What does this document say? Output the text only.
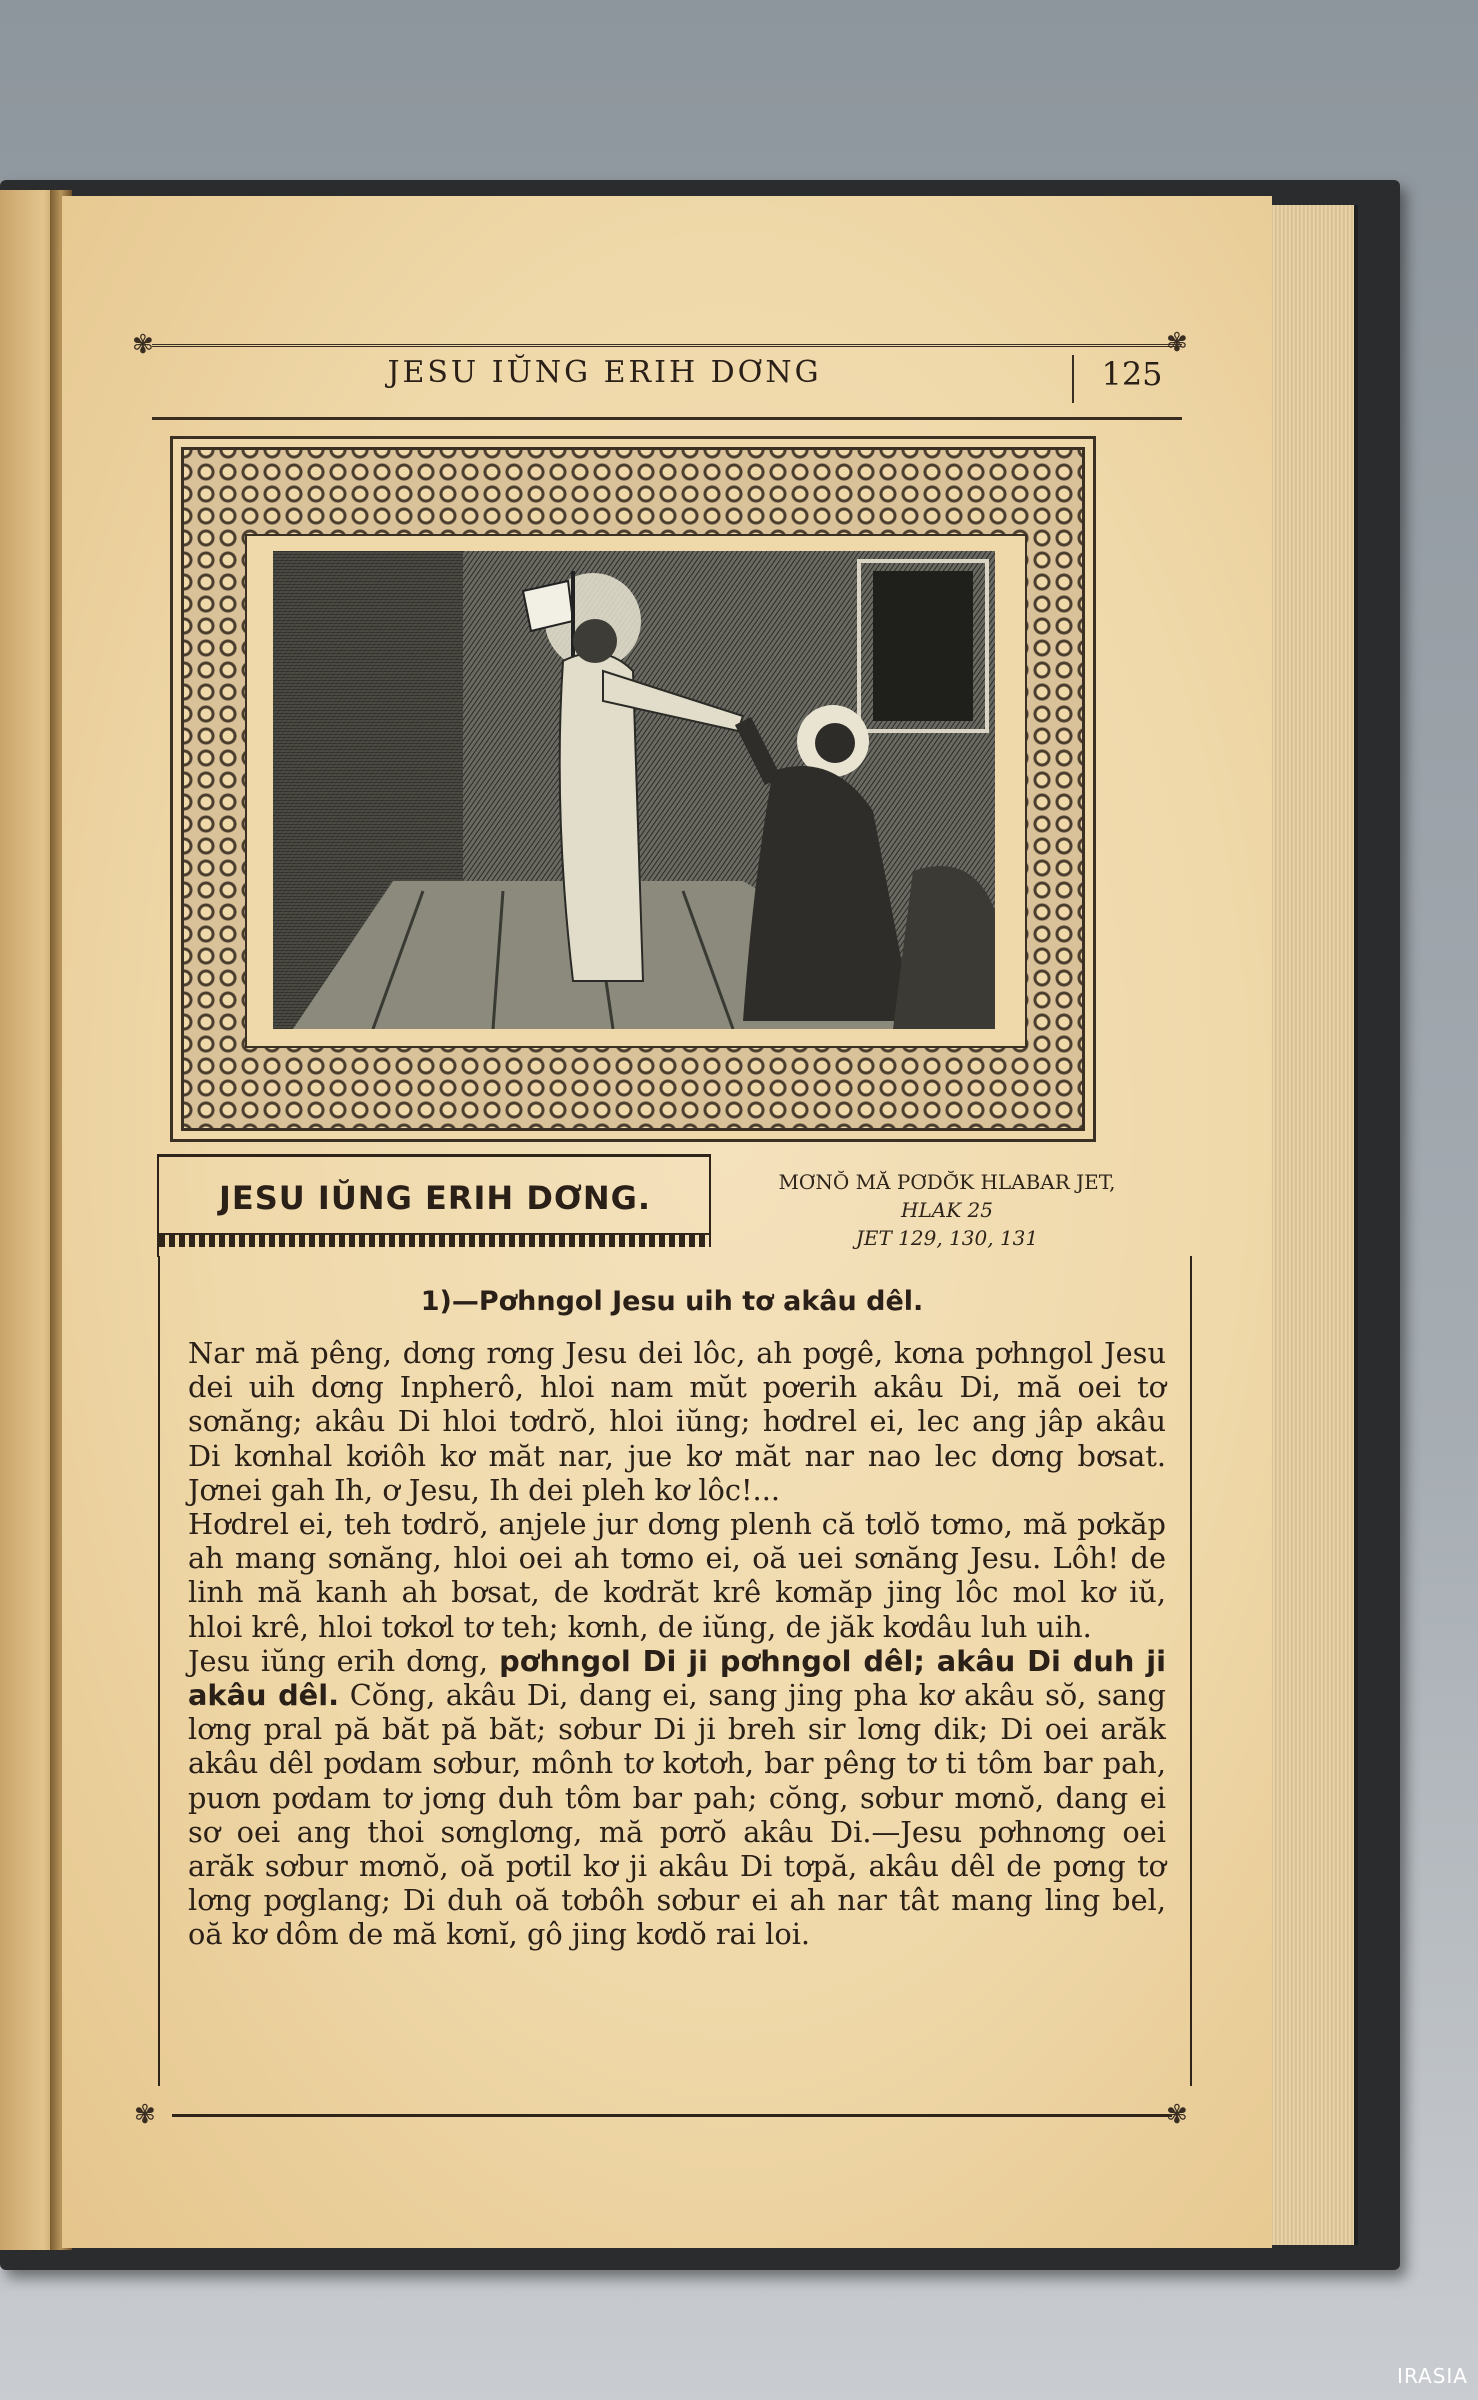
JESU IŬNG ERIH DƠNG	125
✾	✾
JESU IŬNG ERIH DƠNG.	MƠNŎ MĂ PƠDŎ̆K HLABAR JET,
HLAK 25
JET 129, 130, 131
1)—Pơhngol Jesu uih tơ akâu dêl.

Nar mă pêng, dơng rơng Jesu dei lôc, ah pơgê, kơna pơhngol Jesu dei uih dơng Inpherô, hloi nam mŭt pơerih akâu Di, mă oei tơ sơnăng; akâu Di hloi tơdrŏ, hloi iŭng; hơdrel ei, lec ang jâp akâu Di kơnhal kơiôh kơ măt nar, jue kơ măt nar nao lec dơng bơsat. Jơnei gah Ih, ơ Jesu, Ih dei pleh kơ lôc!...

Hơdrel ei, teh tơdrŏ, anjele jur dơng plenh că tơlŏ tơmo, mă pơkăp ah mang sơnăng, hloi oei ah tơmo ei, oă uei sơnăng Jesu. Lôh! de linh mă kanh ah bơsat, de kơdrăt krê kơmăp jing lôc mol kơ iŭ, hloi krê, hloi tơkơl tơ teh; kơnh, de iŭng, de jăk kơdâu luh uih.

Jesu iŭng erih dơng, pơhngol Di ji pơhngol dêl; akâu Di duh ji akâu dêl. Cŏng, akâu Di, dang ei, sang jing pha kơ akâu sŏ, sang lơng pral pă băt pă băt; sơbur Di ji breh sir lơng dik; Di oei arăk akâu dêl pơdam sơbur, mônh tơ kơtơh, bar pêng tơ ti tôm bar pah, puơn pơdam tơ jơng duh tôm bar pah; cŏng, sơbur mơnŏ, dang ei sơ oei ang thoi sơnglơng, mă pơrŏ akâu Di.—Jesu pơhnơng oei arăk sơbur mơnŏ, oă pơtil kơ ji akâu Di tơpă, akâu dêl de pơng tơ lơng pơglang; Di duh oă tơbôh sơbur ei ah nar tât mang ling bel, oă kơ dôm de mă kơnĭ, gô jing kơdŏ rai loi.

✾	✾
IRASIA
